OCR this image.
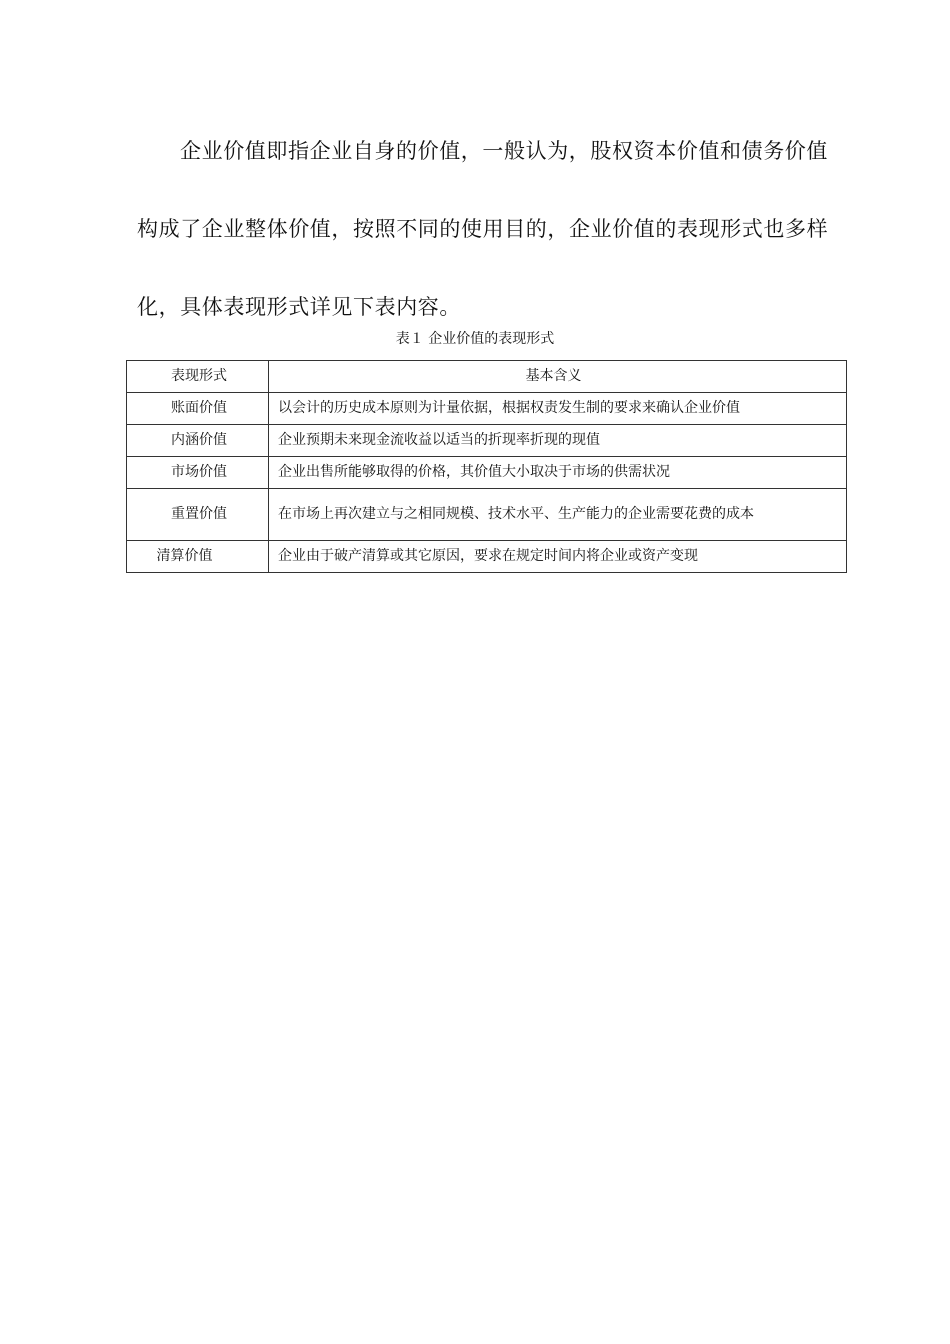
企业价值即指企业自身的价值，一般认为，股权资本价值和债务价值构成了企业整体价值，按照不同的使用目的，企业价值的表现形式也多样化，具体表现形式详见下表内容。

表１ 企业价值的表现形式
表现形式	基本含义
账面价值	以会计的历史成本原则为计量依据，根据权责发生制的要求来确认企业价值
内涵价值	企业预期未来现金流收益以适当的折现率折现的现值
市场价值	企业出售所能够取得的价格，其价值大小取决于市场的供需状况
重置价值	在市场上再次建立与之相同规模、技术水平、生产能力的企业需要花费的成本
清算价值	企业由于破产清算或其它原因，要求在规定时间内将企业或资产变现
